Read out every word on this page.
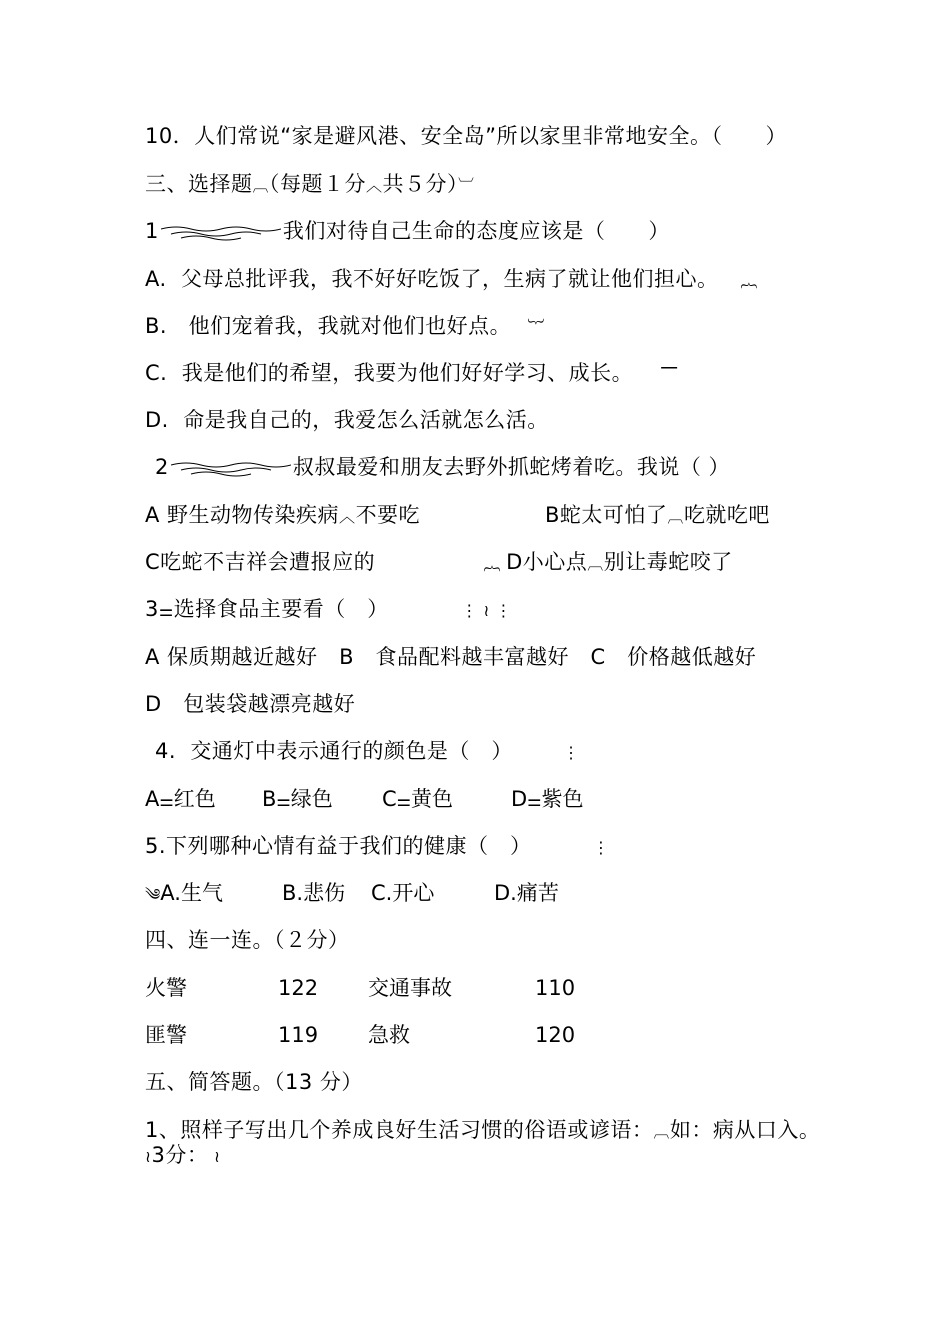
10．人们常说“家是避风港、安全岛”所以家里非常地安全。（　　）
三、选择题︹（每题１分︿共５分）︺
1	我们对待自己生命的态度应该是（　　）
A.  父母总批评我，我不好好吃饭了，生病了就让他们担心。    ︷
B.   他们宠着我，我就对他们也好点。   ︸
C.  我是他们的希望，我要为他们好好学习、成长。     ⎺
D.  命是我自己的，我爱怎么活就怎么活。
2	叔叔最爱和朋友去野外抓蛇烤着吃。我说（ ）
A 野生动物传染疾病︿不要吃	B蛇太可怕了︹吃就吃吧
C吃蛇不吉祥会遭报应的	︷ D小心点︹别让毒蛇咬了
3⚌选择食品主要看（　）             ⋮ ≀ ⋮
A 保质期越近越好   B   食品配料越丰富越好   C   价格越低越好
D   包装袋越漂亮越好
4.  交通灯中表示通行的颜色是（　）         ⋮
A⚌红色 B⚌绿色 C⚌黄色	D⚌紫色
5.下列哪种心情有益于我们的健康（　）           ⋮
༄A.生气	B.悲伤 C.开心	D.痛苦
四、连一连。（２分）
火警	122 交通事故	110
匪警	119 急救	120
五、简答题。（13 分）
1、照样子写出几个养成良好生活习惯的俗语或谚语：︹如：病从口入。
≀3分： ≀
